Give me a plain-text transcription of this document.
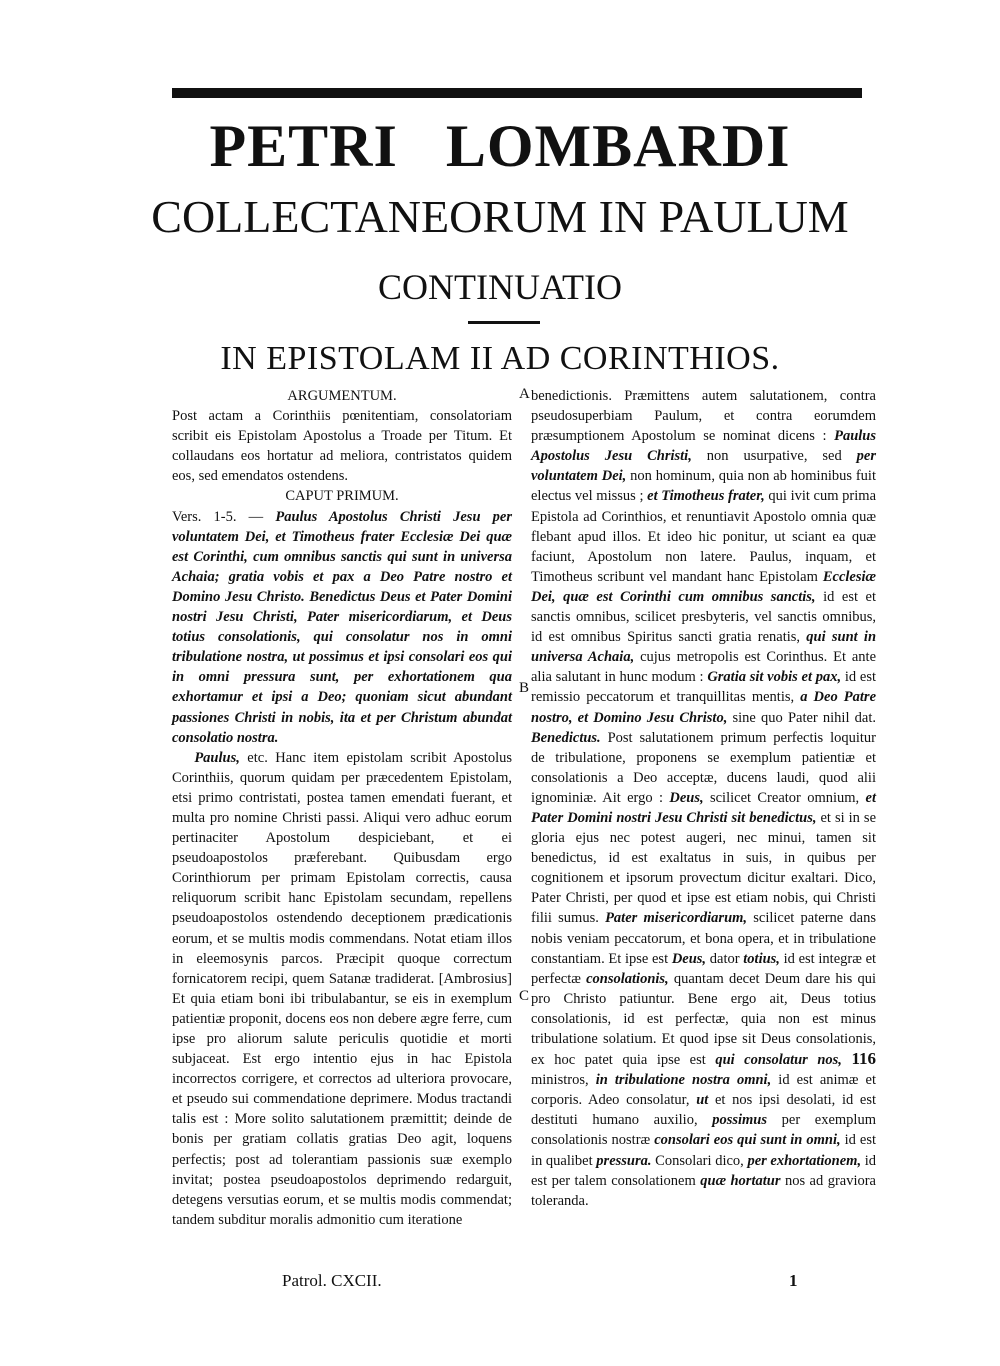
PETRI   LOMBARDI
COLLECTANEORUM IN PAULUM
CONTINUATIO
IN EPISTOLAM II AD CORINTHIOS.

ARGUMENTUM.

Post actam a Corinthiis pœnitentiam, consolatoriam scribit eis Epistolam Apostolus a Troade per Titum. Et collaudans eos hortatur ad meliora, contristatos quidem eos, sed emendatos ostendens.

CAPUT PRIMUM.

Vers. 1-5. — Paulus Apostolus Christi Jesu per voluntatem Dei, et Timotheus frater Ecclesiæ Dei quæ est Corinthi, cum omnibus sanctis qui sunt in universa Achaia; gratia vobis et pax a Deo Patre nostro et Domino Jesu Christo. Benedictus Deus et Pater Domini nostri Jesu Christi, Pater misericordiarum, et Deus totius consolationis, qui consolatur nos in omni tribulatione nostra, ut possimus et ipsi consolari eos qui in omni pressura sunt, per exhortationem qua exhortamur et ipsi a Deo; quoniam sicut abundant passiones Christi in nobis, ita et per Christum abundat consolatio nostra.

Paulus, etc. Hanc item epistolam scribit Apostolus Corinthiis, quorum quidam per præcedentem Epistolam, etsi primo contristati, postea tamen emendati fuerant, et multa pro nomine Christi passi. Aliqui vero adhuc eorum pertinaciter Apostolum despiciebant, et ei pseudoapostolos præferebant. Quibusdam ergo Corinthiorum per primam Epistolam correctis, causa reliquorum scribit hanc Epistolam secundam, repellens pseudoapostolos ostendendo deceptionem prædicationis eorum, et se multis modis commendans. Notat etiam illos in eleemosynis parcos. Præcipit quoque correctum fornicatorem recipi, quem Satanæ tradiderat. [Ambrosius] Et quia etiam boni ibi tribulabantur, se eis in exemplum patientiæ proponit, docens eos non debere ægre ferre, cum ipse pro aliorum salute periculis quotidie et morti subjaceat. Est ergo intentio ejus in hac Epistola incorrectos corrigere, et correctos ad ulteriora provocare, et pseudo sui commendatione deprimere. Modus tractandi talis est : More solito salutationem præmittit; deinde de bonis per gratiam collatis gratias Deo agit, loquens perfectis; post ad tolerantiam passionis suæ exemplo invitat; postea pseudoapostolos deprimendo redarguit, detegens versutias eorum, et se multis modis commendat; tandem subditur moralis admonitio cum iteratione

benedictionis. Præmittens autem salutationem, contra pseudosuperbiam Paulum, et contra eorumdem præsumptionem Apostolum se nominat dicens : Paulus Apostolus Jesu Christi, non usurpative, sed per voluntatem Dei, non hominum, quia non ab hominibus fuit electus vel missus ; et Timotheus frater, qui ivit cum prima Epistola ad Corinthios, et renuntiavit Apostolo omnia quæ flebant apud illos. Et ideo hic ponitur, ut sciant ea quæ faciunt, Apostolum non latere. Paulus, inquam, et Timotheus scribunt vel mandant hanc Epistolam Ecclesiæ Dei, quæ est Corinthi cum omnibus sanctis, id est et sanctis omnibus, scilicet presbyteris, vel sanctis omnibus, id est omnibus Spiritus sancti gratia renatis, qui sunt in universa Achaia, cujus metropolis est Corinthus. Et ante alia salutant in hunc modum : Gratia sit vobis et pax, id est remissio peccatorum et tranquillitas mentis, a Deo Patre nostro, et Domino Jesu Christo, sine quo Pater nihil dat. Benedictus. Post salutationem primum perfectis loquitur de tribulatione, proponens se exemplum patientiæ et consolationis a Deo acceptæ, ducens laudi, quod alii ignominiæ. Ait ergo : Deus, scilicet Creator omnium, et Pater Domini nostri Jesu Christi sit benedictus, et si in se gloria ejus nec potest augeri, nec minui, tamen sit benedictus, id est exaltatus in suis, in quibus per cognitionem et ipsorum provectum dicitur exaltari. Dico, Pater Christi, per quod et ipse est etiam nobis, qui Christi filii sumus. Pater misericordiarum, scilicet paterne dans nobis veniam peccatorum, et bona opera, et in tribulatione constantiam. Et ipse est Deus, dator totius, id est integræ et perfectæ consolationis, quantam decet Deum dare his qui pro Christo patiuntur. Bene ergo ait, Deus totius consolationis, id est perfectæ, quia non est minus tribulatione solatium. Et quod ipse sit Deus consolationis, ex hoc patet quia ipse est qui consolatur nos, 116 ministros, in tribulatione nostra omni, id est animæ et corporis. Adeo consolatur, ut et nos ipsi desolati, id est destituti humano auxilio, possimus per exemplum consolationis nostræ consolari eos qui sunt in omni, id est in qualibet pressura. Consolari dico, per exhortationem, id est per talem consolationem quæ hortatur nos ad graviora toleranda.

A
B
C
Patrol. CXCII.	1
